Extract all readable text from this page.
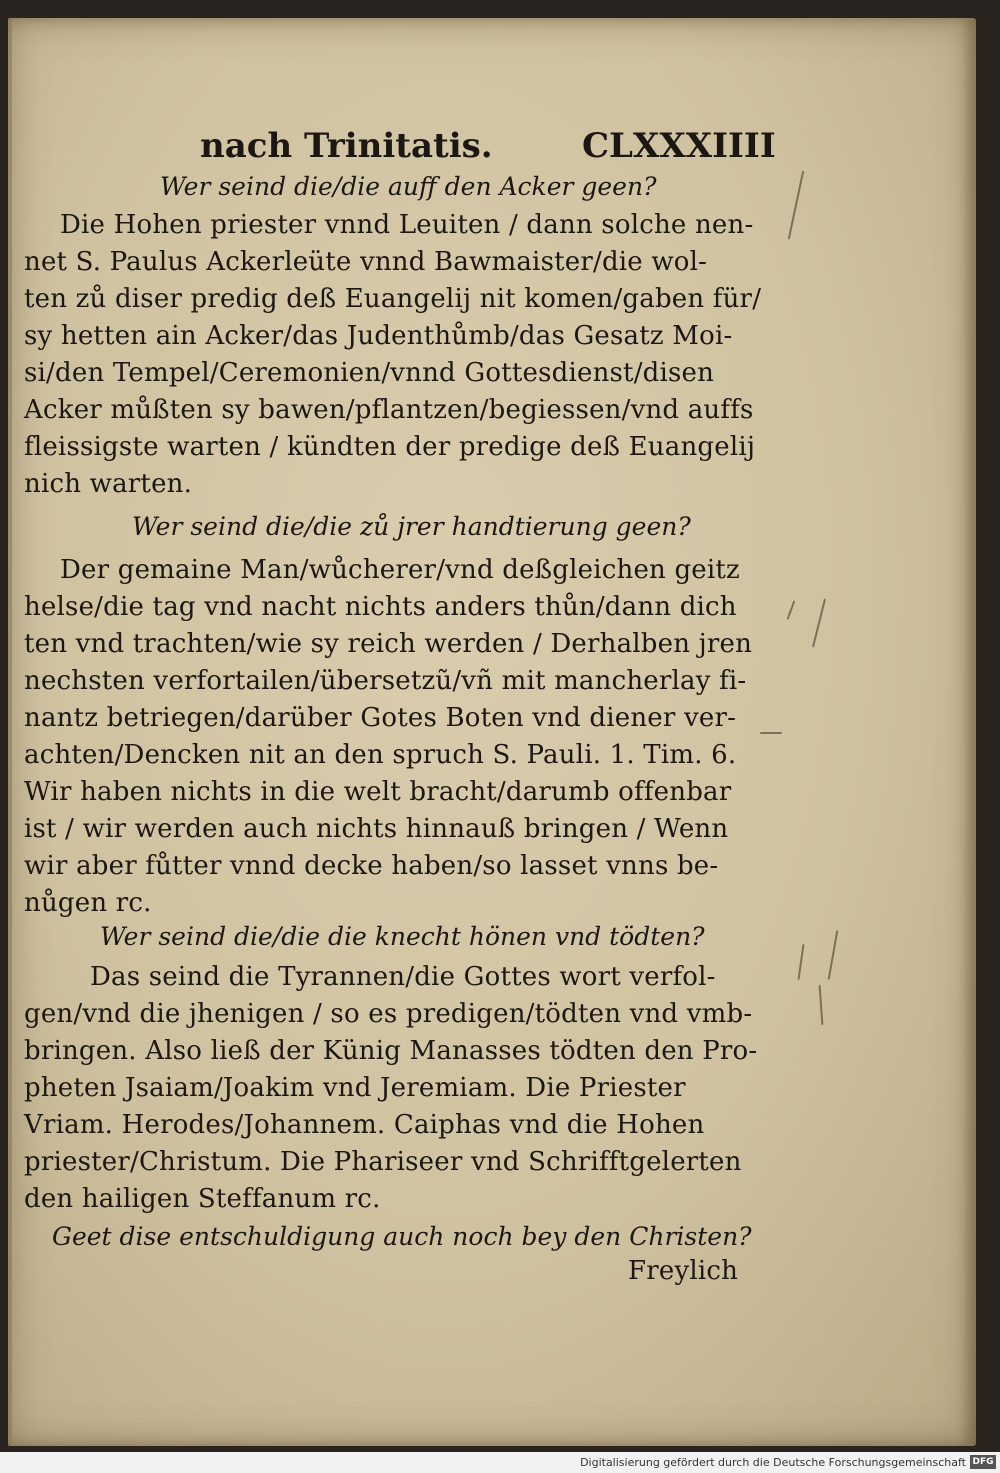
nach Trinitatis.	CLXXXIIII
Wer seind die/die auff den Acker geen?
Die Hohen priester vnnd Leuiten / dann solche nen-
net S. Paulus Ackerleüte vnnd Bawmaister/die wol-
ten zů diser predig deß Euangelij nit komen/gaben für/
sy hetten ain Acker/das Judenthůmb/das Gesatz Moi-
si/den Tempel/Ceremonien/vnnd Gottesdienst/disen
Acker můßten sy bawen/pflantzen/begiessen/vnd auffs
fleissigste warten / kündten der predige deß Euangelij
nich warten.
Wer seind die/die zů jrer handtierung geen?
Der gemaine Man/wůcherer/vnd deßgleichen geitz
helse/die tag vnd nacht nichts anders thůn/dann dich
ten vnd trachten/wie sy reich werden / Derhalben jren
nechsten verfortailen/übersetzũ/vñ mit mancherlay fi-
nantz betriegen/darüber Gotes Boten vnd diener ver-
achten/Dencken nit an den spruch S. Pauli. 1. Tim. 6.
Wir haben nichts in die welt bracht/darumb offenbar
ist / wir werden auch nichts hinnauß bringen / Wenn
wir aber fůtter vnnd decke haben/so lasset vnns be-
nůgen rc.
Wer seind die/die die knecht hönen vnd tödten?
Das seind die Tyrannen/die Gottes wort verfol-
gen/vnd die jhenigen / so es predigen/tödten vnd vmb-
bringen. Also ließ der Künig Manasses tödten den Pro-
pheten Jsaiam/Joakim vnd Jeremiam. Die Priester
Vriam. Herodes/Johannem. Caiphas vnd die Hohen
priester/Christum. Die Phariseer vnd Schrifftgelerten
den hailigen Steffanum rc.
Geet dise entschuldigung auch noch bey den Christen?
Freylich
Digitalisierung gefördert durch die Deutsche Forschungsgemeinschaft DFG
